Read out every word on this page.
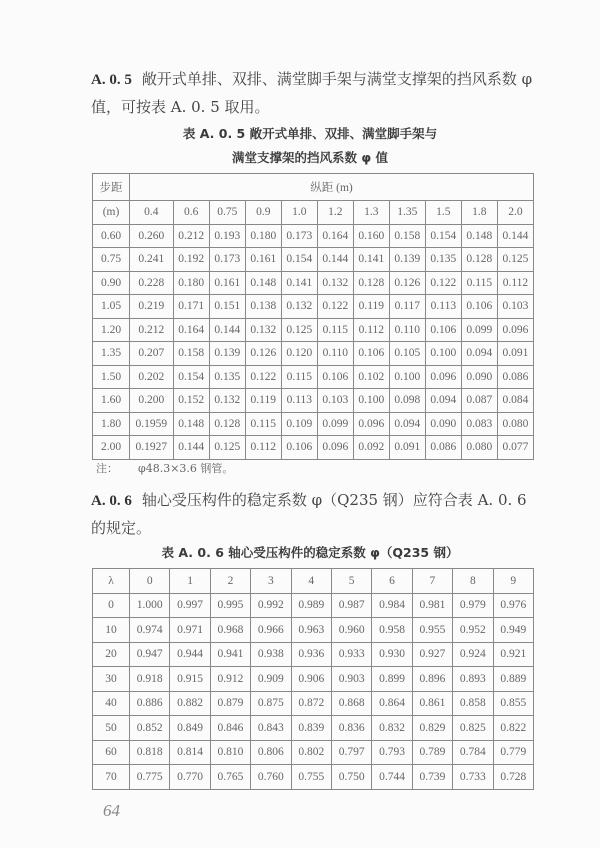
A. 0. 5 敞开式单排、双排、满堂脚手架与满堂支撑架的挡风系数 φ 值，可按表 A. 0. 5 取用。
表 A. 0. 5 敞开式单排、双排、满堂脚手架与
满堂支撑架的挡风系数 φ 值
步距	纵距 (m)										
(m)	0.4	0.6	0.75	0.9	1.0	1.2	1.3	1.35	1.5	1.8	2.0
0.60	0.260	0.212	0.193	0.180	0.173	0.164	0.160	0.158	0.154	0.148	0.144
0.75	0.241	0.192	0.173	0.161	0.154	0.144	0.141	0.139	0.135	0.128	0.125
0.90	0.228	0.180	0.161	0.148	0.141	0.132	0.128	0.126	0.122	0.115	0.112
1.05	0.219	0.171	0.151	0.138	0.132	0.122	0.119	0.117	0.113	0.106	0.103
1.20	0.212	0.164	0.144	0.132	0.125	0.115	0.112	0.110	0.106	0.099	0.096
1.35	0.207	0.158	0.139	0.126	0.120	0.110	0.106	0.105	0.100	0.094	0.091
1.50	0.202	0.154	0.135	0.122	0.115	0.106	0.102	0.100	0.096	0.090	0.086
1.60	0.200	0.152	0.132	0.119	0.113	0.103	0.100	0.098	0.094	0.087	0.084
1.80	0.1959	0.148	0.128	0.115	0.109	0.099	0.096	0.094	0.090	0.083	0.080
2.00	0.1927	0.144	0.125	0.112	0.106	0.096	0.092	0.091	0.086	0.080	0.077
注： φ48.3×3.6 钢管。
A. 0. 6 轴心受压构件的稳定系数 φ（Q235 钢）应符合表 A. 0. 6 的规定。
表 A. 0. 6 轴心受压构件的稳定系数 φ（Q235 钢）
λ	0	1	2	3	4	5	6	7	8	9
0	1.000	0.997	0.995	0.992	0.989	0.987	0.984	0.981	0.979	0.976
10	0.974	0.971	0.968	0.966	0.963	0.960	0.958	0.955	0.952	0.949
20	0.947	0.944	0.941	0.938	0.936	0.933	0.930	0.927	0.924	0.921
30	0.918	0.915	0.912	0.909	0.906	0.903	0.899	0.896	0.893	0.889
40	0.886	0.882	0.879	0.875	0.872	0.868	0.864	0.861	0.858	0.855
50	0.852	0.849	0.846	0.843	0.839	0.836	0.832	0.829	0.825	0.822
60	0.818	0.814	0.810	0.806	0.802	0.797	0.793	0.789	0.784	0.779
70	0.775	0.770	0.765	0.760	0.755	0.750	0.744	0.739	0.733	0.728
64
